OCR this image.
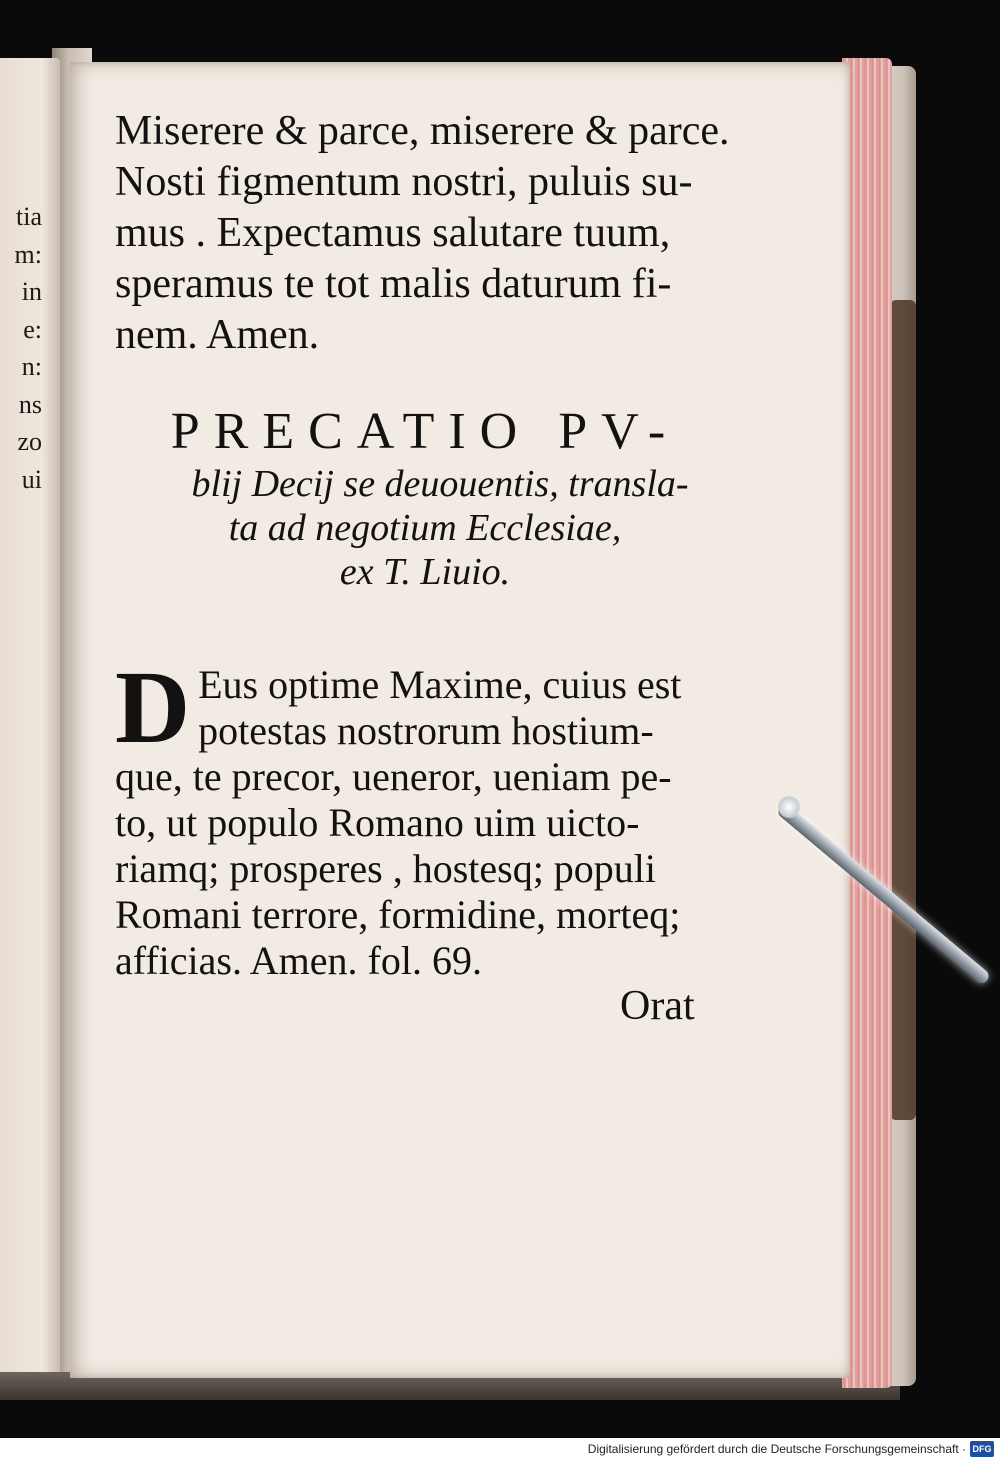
tia
m:
in
e:
n:
ns
zo
ui
Miserere & parce, miserere & parce.
Nosti figmentum nostri, puluis su-
mus . Expectamus salutare tuum,
speramus te tot malis daturum fi-
nem. Amen.
PRECATIO PV-
blij Decij se deuouentis, transla-
ta ad negotium Ecclesiae,
ex T. Liuio.
D Eus optime Maxime, cuius est
potestas nostrorum hostium-
que, te precor, ueneror, ueniam pe-
to, ut populo Romano uim uicto-
riamq; prosperes , hostesq; populi
Romani terrore, formidine, morteq;
afficias. Amen. fol. 69.
Orat
Digitalisierung gefördert durch die Deutsche Forschungsgemeinschaft · DFG
